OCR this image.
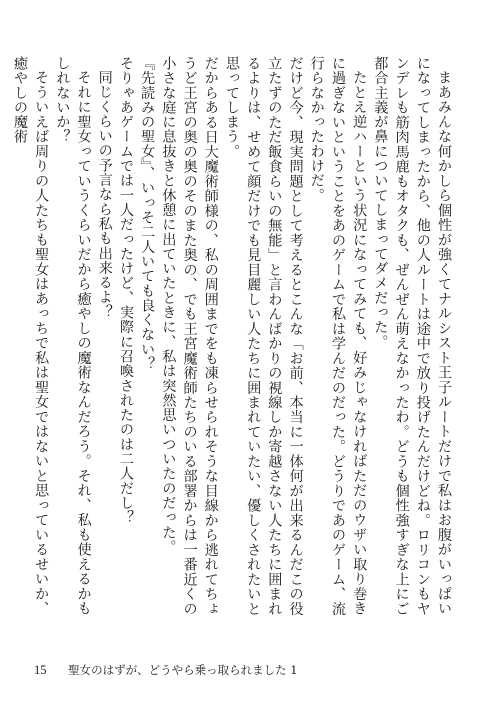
まあみんな何かしら個性が強くてナルシスト王子ルートだけで私はお腹がいっぱいになってしまったから、他の人ルートは途中で放り投げたんだけどね。ロリコンもヤンデレも筋肉馬鹿もオタクも、ぜんぜん萌えなかったわ。どうも個性強すぎな上にご都合主義が鼻についてしまってダメだった。

たとえ逆ハーという状況になってみても、好みじゃなければただのウザい取り巻きに過ぎないということをあのゲームで私は学んだのだった。どうりであのゲーム、流行らなかったわけだ。

だけど今、現実問題として考えるとこんな「お前、本当に一体何が出来るんだこの役立たずのただ飯食らいの無能」と言わんばかりの視線しか寄越さない人たちに囲まれるよりは、せめて顔だけでも見目麗しい人たちに囲まれていたい、優しくされたいと思ってしまう。

だからある日大魔術師様の、私の周囲までをも凍らせられそうな目線から逃れてちょうど王宮の奥の奥のそのまた奥の、でも王宮魔術師たちのいる部署からは一番近くの小さな庭に息抜きと休憩に出ていたときに、私は突然思いついたのだった。

『先読みの聖女』、いっそ二人いても良くない？

そりゃあゲームでは一人だったけど、実際に召喚されたのは二人だし？

同じくらいの予言なら私も出来るよ？

それに聖女っていうくらいだから癒やしの魔術なんだろう。それ、私も使えるかもしれないか？

そういえば周りの人たちも聖女はあっちで私は聖女ではないと思っているせいか、癒やしの魔術

15 聖女のはずが、どうやら乗っ取られました 1
